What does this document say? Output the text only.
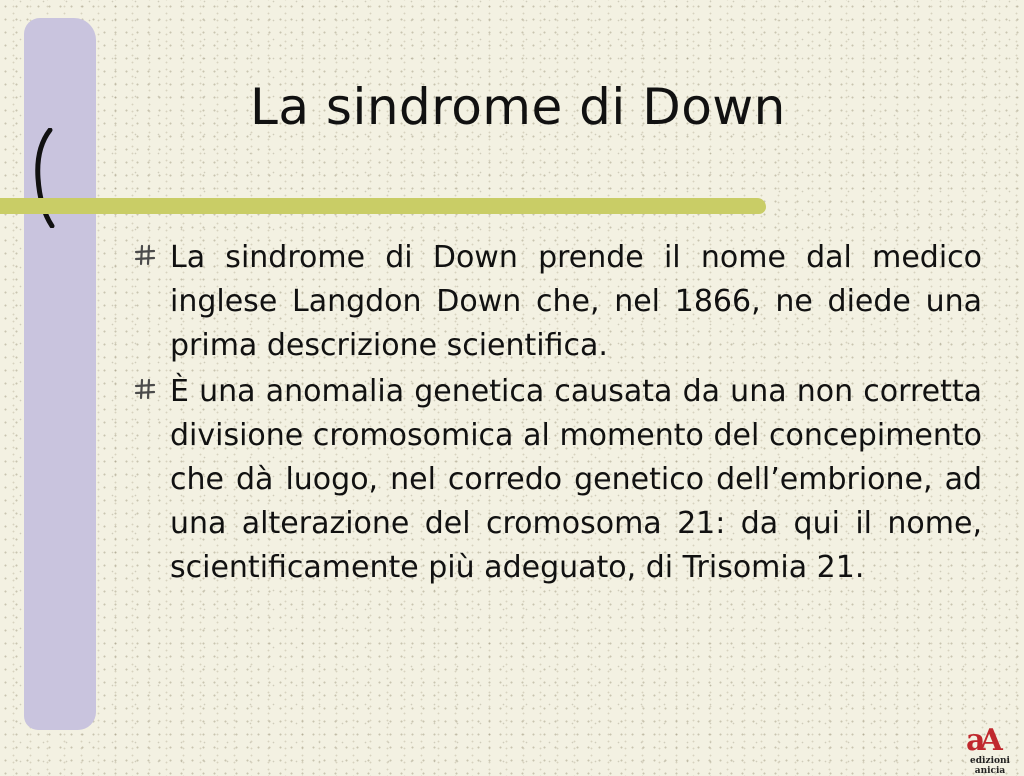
La sindrome di Down
La sindrome di Down prende il nome dal medico inglese Langdon Down che, nel 1866, ne diede una prima descrizione scientifica.
È una anomalia genetica causata da una non corretta divisione cromosomica al momento del concepimento che dà luogo, nel corredo genetico dell’embrione, ad una alterazione del cromosoma 21: da qui il nome, scientificamente più adeguato, di Trisomia 21.
aA
edizioni anicia
